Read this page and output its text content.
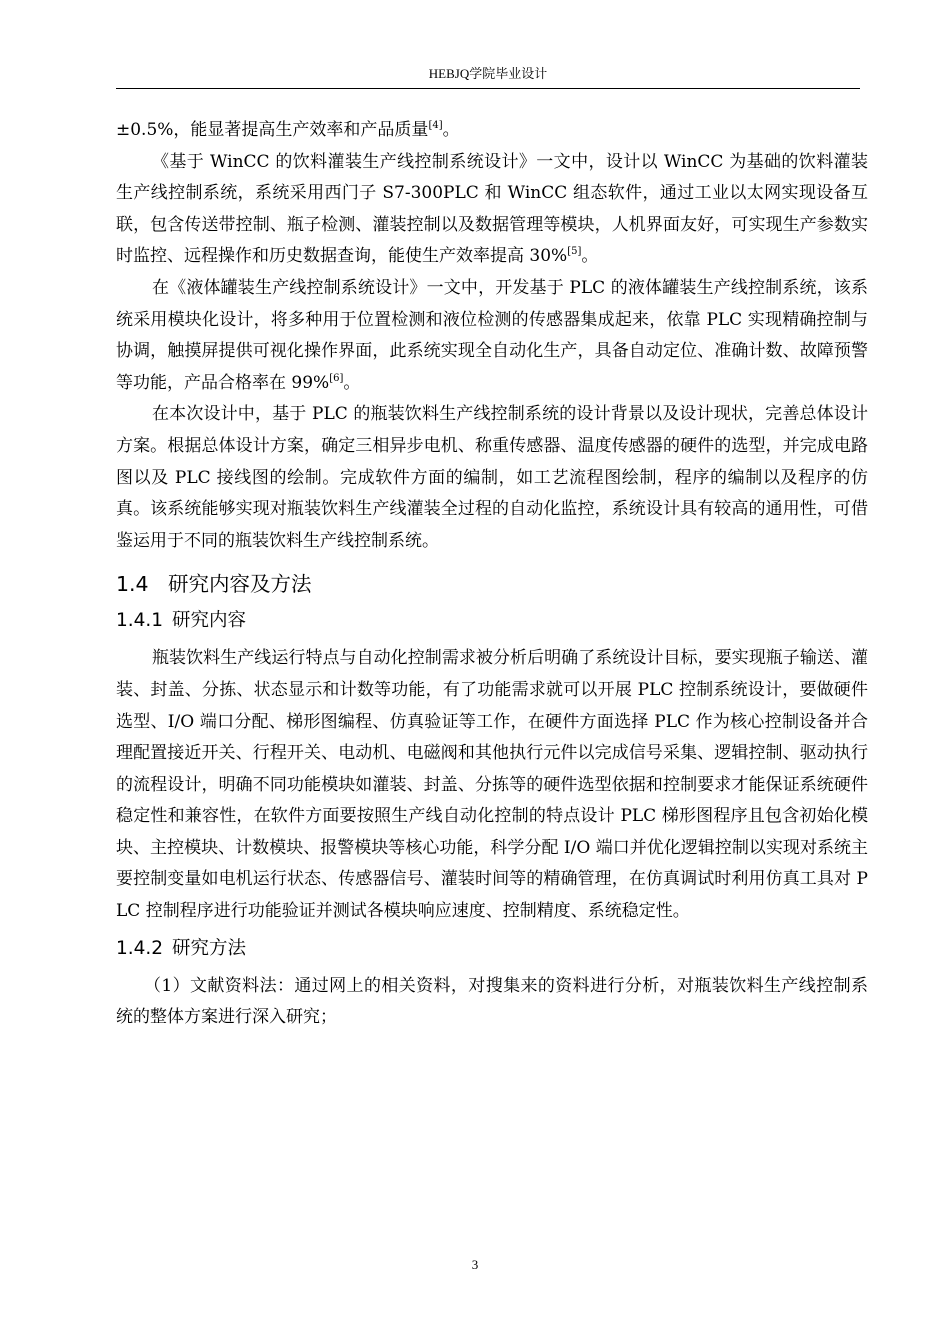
HEBJQ学院毕业设计

±0.5%，能显著提高生产效率和产品质量[4]。

《基于 WinCC 的饮料灌装生产线控制系统设计》一文中，设计以 WinCC 为基础的饮料灌装生产线控制系统，系统采用西门子 S7-300PLC 和 WinCC 组态软件，通过工业以太网实现设备互联，包含传送带控制、瓶子检测、灌装控制以及数据管理等模块，人机界面友好，可实现生产参数实时监控、远程操作和历史数据查询，能使生产效率提高 30%[5]。

在《液体罐装生产线控制系统设计》一文中，开发基于 PLC 的液体罐装生产线控制系统，该系统采用模块化设计，将多种用于位置检测和液位检测的传感器集成起来，依靠 PLC 实现精确控制与协调，触摸屏提供可视化操作界面，此系统实现全自动化生产，具备自动定位、准确计数、故障预警等功能，产品合格率在 99%[6]。

在本次设计中，基于 PLC 的瓶装饮料生产线控制系统的设计背景以及设计现状，完善总体设计方案。根据总体设计方案，确定三相异步电机、称重传感器、温度传感器的硬件的选型，并完成电路图以及 PLC 接线图的绘制。完成软件方面的编制，如工艺流程图绘制，程序的编制以及程序的仿真。该系统能够实现对瓶装饮料生产线灌装全过程的自动化监控，系统设计具有较高的通用性，可借鉴运用于不同的瓶装饮料生产线控制系统。

1.4 研究内容及方法
1.4.1 研究内容

瓶装饮料生产线运行特点与自动化控制需求被分析后明确了系统设计目标，要实现瓶子输送、灌装、封盖、分拣、状态显示和计数等功能，有了功能需求就可以开展 PLC 控制系统设计，要做硬件选型、I/O 端口分配、梯形图编程、仿真验证等工作，在硬件方面选择 PLC 作为核心控制设备并合理配置接近开关、行程开关、电动机、电磁阀和其他执行元件以完成信号采集、逻辑控制、驱动执行的流程设计，明确不同功能模块如灌装、封盖、分拣等的硬件选型依据和控制要求才能保证系统硬件稳定性和兼容性，在软件方面要按照生产线自动化控制的特点设计 PLC 梯形图程序且包含初始化模块、主控模块、计数模块、报警模块等核心功能，科学分配 I/O 端口并优化逻辑控制以实现对系统主要控制变量如电机运行状态、传感器信号、灌装时间等的精确管理，在仿真调试时利用仿真工具对 PLC 控制程序进行功能验证并测试各模块响应速度、控制精度、系统稳定性。

1.4.2 研究方法

（1）文献资料法：通过网上的相关资料，对搜集来的资料进行分析，对瓶装饮料生产线控制系统的整体方案进行深入研究；

3
